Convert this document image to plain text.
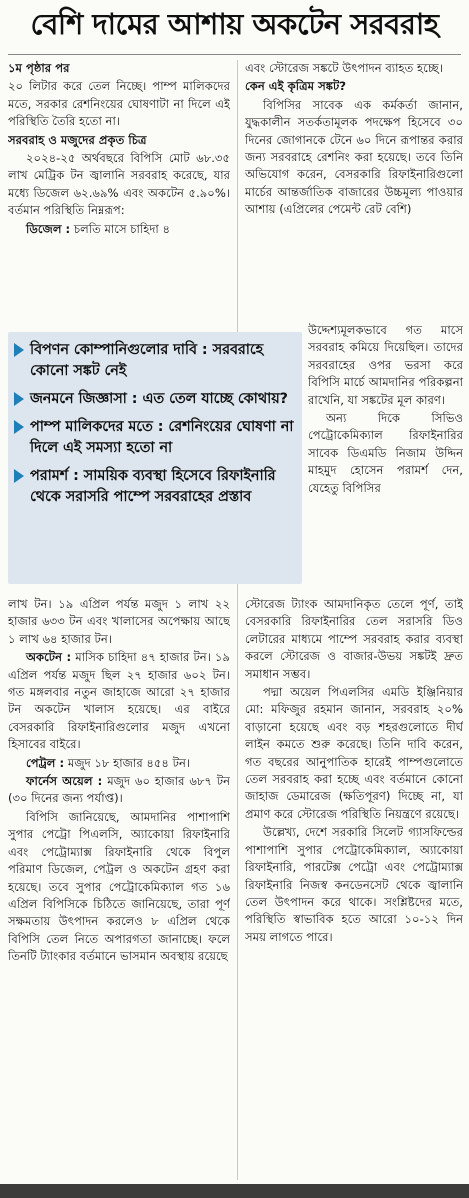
বেশি দামের আশায় অকটেন সরবরাহ

১ম পৃষ্ঠার পর

২০ লিটার করে তেল নিচ্ছে। পাম্প মালিকদের মতে, সরকার রেশনিংয়ের ঘোষণাটা না দিলে এই পরিস্থিতি তৈরি হতো না।

সরবরাহ ও মজুদের প্রকৃত চিত্র

২০২৪-২৫ অর্থবছরে বিপিসি মোট ৬৮.৩৫ লাখ মেট্রিক টন জ্বালানি সরবরাহ করেছে, যার মধ্যে ডিজেল ৬২.৬৯% এবং অকটেন ৫.৯০%। বর্তমান পরিস্থিতি নিম্নরূপ:

ডিজেল : চলতি মাসে চাহিদা ৪

এবং স্টোরেজ সঙ্কটে উৎপাদন ব্যাহত হচ্ছে।

কেন এই কৃত্রিম সঙ্কট?

বিপিসির সাবেক এক কর্মকর্তা জানান, যুদ্ধকালীন সতর্কতামূলক পদক্ষেপ হিসেবে ৩০ দিনের জোগানকে টেনে ৬০ দিনে রূপান্তর করার জন্য সরবরাহে রেশনিং করা হয়েছে। তবে তিনি অভিযোগ করেন, বেসরকারি রিফাইনারিগুলো মার্চের আন্তর্জাতিক বাজারের উচ্চমূল্য পাওয়ার আশায় (এপ্রিলের পেমেন্ট রেট বেশি)

উদ্দেশ্যমূলকভাবে গত মাসে সরবরাহ কমিয়ে দিয়েছিল। তাদের সরবরাহের ওপর ভরসা করে বিপিসি মার্চে আমদানির পরিকল্পনা রাখেনি, যা সঙ্কটের মূল কারণ।

অন্য দিকে সিভিও পেট্রোকেমিক্যাল রিফাইনারির সাবেক ডিএমডি নিজাম উদ্দিন মাহমুদ হোসেন পরামর্শ দেন, যেহেতু বিপিসির

বিপণন কোম্পানিগুলোর দাবি : সরবরাহে কোনো সঙ্কট নেই
জনমনে জিজ্ঞাসা : এত তেল যাচ্ছে কোথায়?
পাম্প মালিকদের মতে : রেশনিংয়ের ঘোষণা না দিলে এই সমস্যা হতো না
পরামর্শ : সাময়িক ব্যবস্থা হিসেবে রিফাইনারি থেকে সরাসরি পাম্পে সরবরাহের প্রস্তাব

লাখ টন। ১৯ এপ্রিল পর্যন্ত মজুদ ১ লাখ ২২ হাজার ৬৩৩ টন এবং খালাসের অপেক্ষায় আছে ১ লাখ ৬৪ হাজার টন।

অকটেন : মাসিক চাহিদা ৪৭ হাজার টন। ১৯ এপ্রিল পর্যন্ত মজুদ ছিল ২৭ হাজার ৬০২ টন। গত মঙ্গলবার নতুন জাহাজে আরো ২৭ হাজার টন অকটেন খালাস হয়েছে। এর বাইরে বেসরকারি রিফাইনারিগুলোর মজুদ এখনো হিসাবের বাইরে।

পেট্রল : মজুদ ১৮ হাজার ৪৫৪ টন।

ফার্নেস অয়েল : মজুদ ৬০ হাজার ৬৮৭ টন (৩০ দিনের জন্য পর্যাপ্ত)।

বিপিসি জানিয়েছে, আমদানির পাশাপাশি সুপার পেট্রো পিএলসি, অ্যাকোয়া রিফাইনারি এবং পেট্রোম্যাক্স রিফাইনারি থেকে বিপুল পরিমাণ ডিজেল, পেট্রল ও অকটেন গ্রহণ করা হয়েছে। তবে সুপার পেট্রোকেমিক্যাল গত ১৬ এপ্রিল বিপিসিকে চিঠিতে জানিয়েছে, তারা পূর্ণ সক্ষমতায় উৎপাদন করলেও ৮ এপ্রিল থেকে বিপিসি তেল নিতে অপারগতা জানাচ্ছে। ফলে তিনটি ট্যাংকার বর্তমানে ভাসমান অবস্থায় রয়েছে

স্টোরেজ ট্যাংক আমদানিকৃত তেলে পূর্ণ, তাই বেসরকারি রিফাইনারির তেল সরাসরি ডিও লেটারের মাধ্যমে পাম্পে সরবরাহ করার ব্যবস্থা করলে স্টোরেজ ও বাজার-উভয় সঙ্কটই দ্রুত সমাধান সম্ভব।

পদ্মা অয়েল পিএলসির এমডি ইঞ্জিনিয়ার মো: মফিজুর রহমান জানান, সরবরাহ ২০% বাড়ানো হয়েছে এবং বড় শহরগুলোতে দীর্ঘ লাইন কমতে শুরু করেছে। তিনি দাবি করেন, গত বছরের আনুপাতিক হারেই পাম্পগুলোতে তেল সরবরাহ করা হচ্ছে এবং বর্তমানে কোনো জাহাজ ডেমারেজ (ক্ষতিপূরণ) দিচ্ছে না, যা প্রমাণ করে স্টোরেজ পরিস্থিতি নিয়ন্ত্রণে রয়েছে।

উল্লেখ্য, দেশে সরকারি সিলেট গ্যাসফিল্ডের পাশাপাশি সুপার পেট্রোকেমিক্যাল, অ্যাকোয়া রিফাইনারি, পারটেক্স পেট্রো এবং পেট্রোম্যাক্স রিফাইনারি নিজস্ব কনডেনসেট থেকে জ্বালানি তেল উৎপাদন করে থাকে। সংশ্লিষ্টদের মতে, পরিস্থিতি স্বাভাবিক হতে আরো ১০-১২ দিন সময় লাগতে পারে।
